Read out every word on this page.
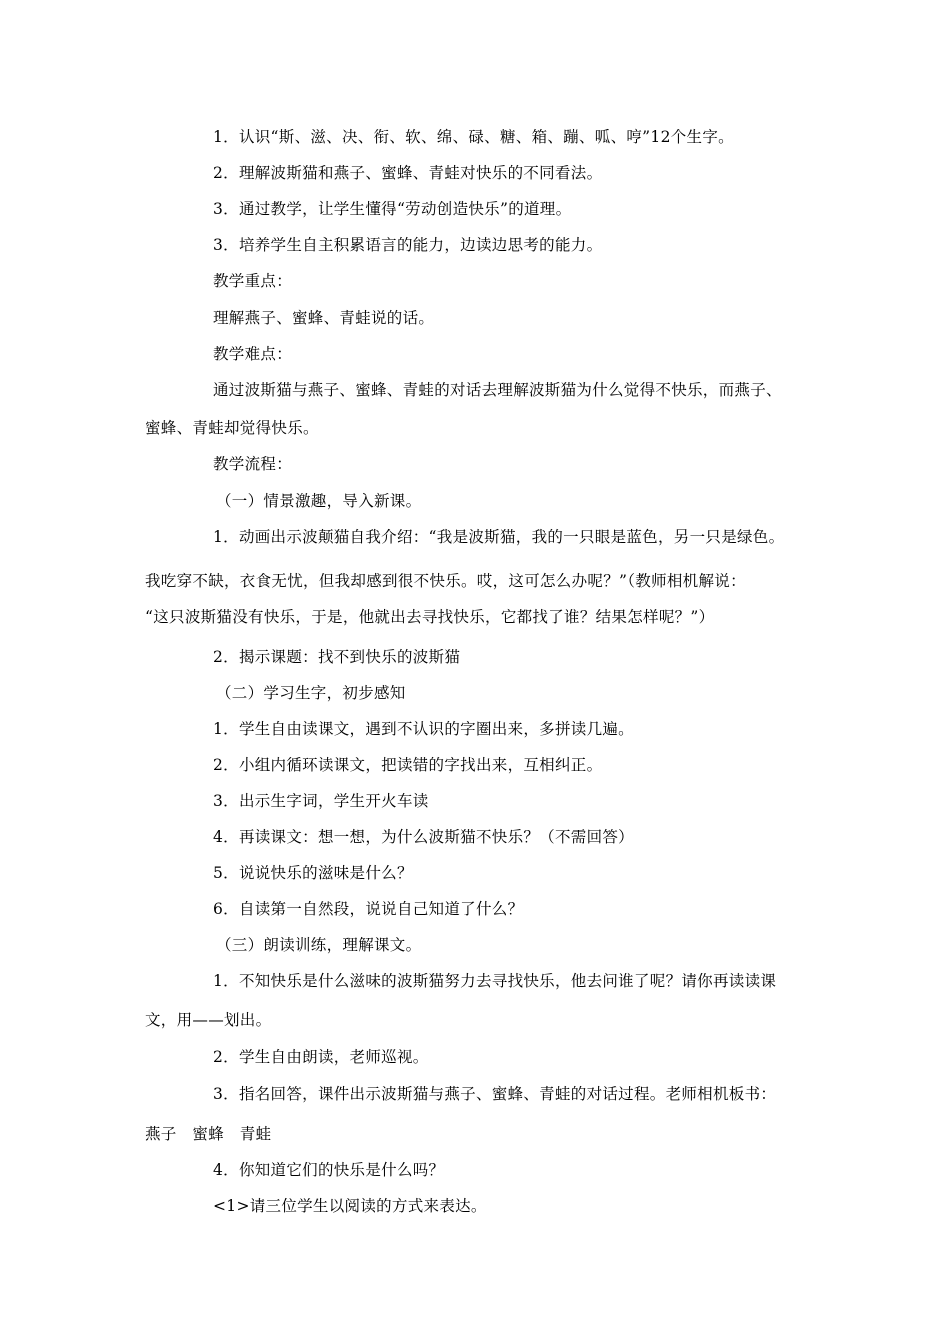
1．认识“斯、滋、决、衔、软、绵、碌、糖、箱、蹦、呱、哼”12个生字。
2．理解波斯猫和燕子、蜜蜂、青蛙对快乐的不同看法。
3．通过教学，让学生懂得“劳动创造快乐”的道理。
3．培养学生自主积累语言的能力，边读边思考的能力。
教学重点：
理解燕子、蜜蜂、青蛙说的话。
教学难点：
通过波斯猫与燕子、蜜蜂、青蛙的对话去理解波斯猫为什么觉得不快乐，而燕子、
蜜蜂、青蛙却觉得快乐。
教学流程：
（一）情景激趣，导入新课。
1．动画出示波颠猫自我介绍：“我是波斯猫，我的一只眼是蓝色，另一只是绿色。
我吃穿不缺，衣食无忧，但我却感到很不快乐。哎，这可怎么办呢？”（教师相机解说：
“这只波斯猫没有快乐，于是，他就出去寻找快乐，它都找了谁？结果怎样呢？”）
2．揭示课题：找不到快乐的波斯猫
（二）学习生字，初步感知
1．学生自由读课文，遇到不认识的字圈出来，多拼读几遍。
2．小组内循环读课文，把读错的字找出来，互相纠正。
3．出示生字词，学生开火车读
4．再读课文：想一想，为什么波斯猫不快乐？（不需回答）
5．说说快乐的滋味是什么？
6．自读第一自然段，说说自己知道了什么？
（三）朗读训练，理解课文。
1．不知快乐是什么滋味的波斯猫努力去寻找快乐，他去问谁了呢？请你再读读课
文，用——划出。
2．学生自由朗读，老师巡视。
3．指名回答，课件出示波斯猫与燕子、蜜蜂、青蛙的对话过程。老师相机板书：
燕子　蜜蜂　青蛙
4．你知道它们的快乐是什么吗？
<1>请三位学生以阅读的方式来表达。
